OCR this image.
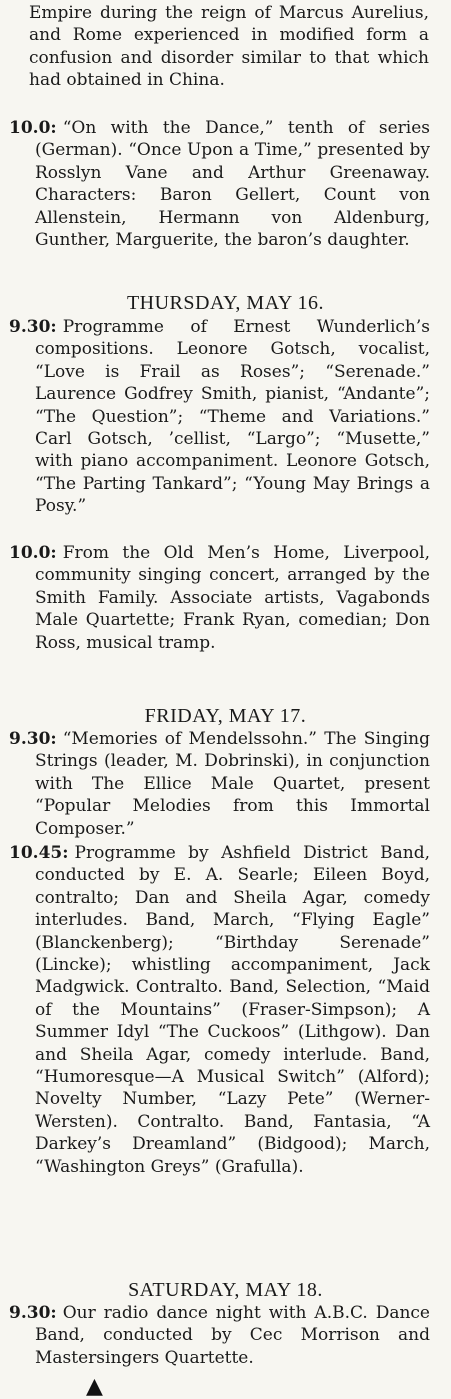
Empire during the reign of Marcus Aurelius, and Rome experienced in modified form a confusion and disorder similar to that which had obtained in China.

10.0: “On with the Dance,” tenth of series (German). “Once Upon a Time,” presented by Rosslyn Vane and Arthur Greenaway. Characters: Baron Gellert, Count von Allenstein, Hermann von Aldenburg, Gunther, Marguerite, the baron’s daughter.

THURSDAY, MAY 16.

9.30: Programme of Ernest Wunderlich’s compositions. Leonore Gotsch, vocalist, “Love is Frail as Roses”; “Serenade.” Laurence Godfrey Smith, pianist, “Andante”; “The Question”; “Theme and Variations.” Carl Gotsch, ’cellist, “Largo”; “Musette,” with piano accompaniment. Leonore Gotsch, “The Parting Tankard”; “Young May Brings a Posy.”

10.0: From the Old Men’s Home, Liverpool, community singing concert, arranged by the Smith Family. Associate artists, Vagabonds Male Quartette; Frank Ryan, comedian; Don Ross, musical tramp.

FRIDAY, MAY 17.

9.30: “Memories of Mendelssohn.” The Singing Strings (leader, M. Dobrinski), in conjunction with The Ellice Male Quartet, present “Popular Melodies from this Immortal Composer.”

10.45: Programme by Ashfield District Band, conducted by E. A. Searle; Eileen Boyd, contralto; Dan and Sheila Agar, comedy interludes. Band, March, “Flying Eagle” (Blanckenberg); “Birthday Serenade” (Lincke); whistling accompaniment, Jack Madgwick. Contralto. Band, Selection, “Maid of the Mountains” (Fraser-Simpson); A Summer Idyl “The Cuckoos” (Lithgow). Dan and Sheila Agar, comedy interlude. Band, “Humoresque—A Musical Switch” (Alford); Novelty Number, “Lazy Pete” (Werner-Wersten). Contralto. Band, Fantasia, “A Darkey’s Dreamland” (Bidgood); March, “Washington Greys” (Grafulla).

SATURDAY, MAY 18.

9.30: Our radio dance night with A.B.C. Dance Band, conducted by Cec Morrison and Mastersingers Quartette.

▲
